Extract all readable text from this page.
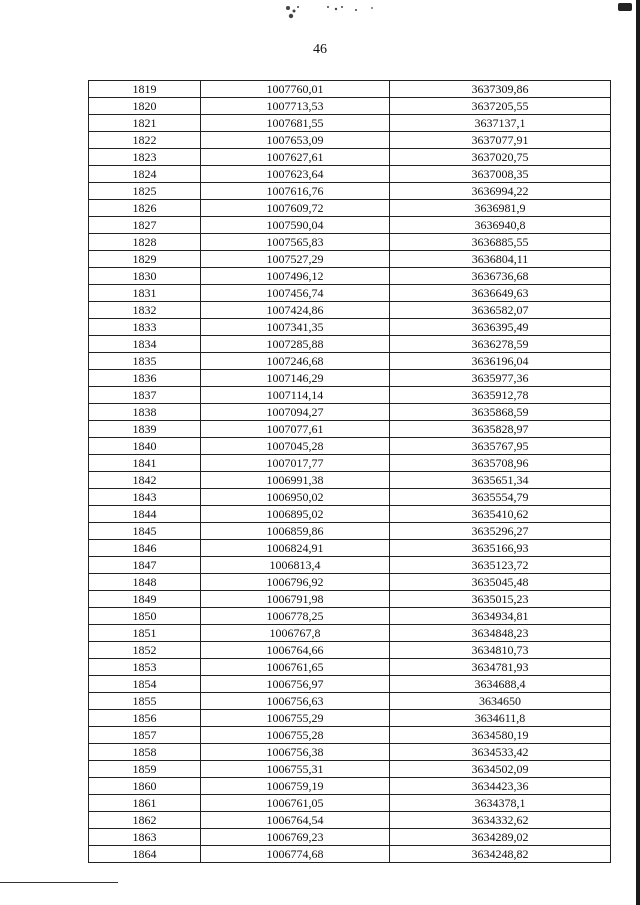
46
1819	1007760,01	3637309,86
1820	1007713,53	3637205,55
1821	1007681,55	3637137,1
1822	1007653,09	3637077,91
1823	1007627,61	3637020,75
1824	1007623,64	3637008,35
1825	1007616,76	3636994,22
1826	1007609,72	3636981,9
1827	1007590,04	3636940,8
1828	1007565,83	3636885,55
1829	1007527,29	3636804,11
1830	1007496,12	3636736,68
1831	1007456,74	3636649,63
1832	1007424,86	3636582,07
1833	1007341,35	3636395,49
1834	1007285,88	3636278,59
1835	1007246,68	3636196,04
1836	1007146,29	3635977,36
1837	1007114,14	3635912,78
1838	1007094,27	3635868,59
1839	1007077,61	3635828,97
1840	1007045,28	3635767,95
1841	1007017,77	3635708,96
1842	1006991,38	3635651,34
1843	1006950,02	3635554,79
1844	1006895,02	3635410,62
1845	1006859,86	3635296,27
1846	1006824,91	3635166,93
1847	1006813,4	3635123,72
1848	1006796,92	3635045,48
1849	1006791,98	3635015,23
1850	1006778,25	3634934,81
1851	1006767,8	3634848,23
1852	1006764,66	3634810,73
1853	1006761,65	3634781,93
1854	1006756,97	3634688,4
1855	1006756,63	3634650
1856	1006755,29	3634611,8
1857	1006755,28	3634580,19
1858	1006756,38	3634533,42
1859	1006755,31	3634502,09
1860	1006759,19	3634423,36
1861	1006761,05	3634378,1
1862	1006764,54	3634332,62
1863	1006769,23	3634289,02
1864	1006774,68	3634248,82
